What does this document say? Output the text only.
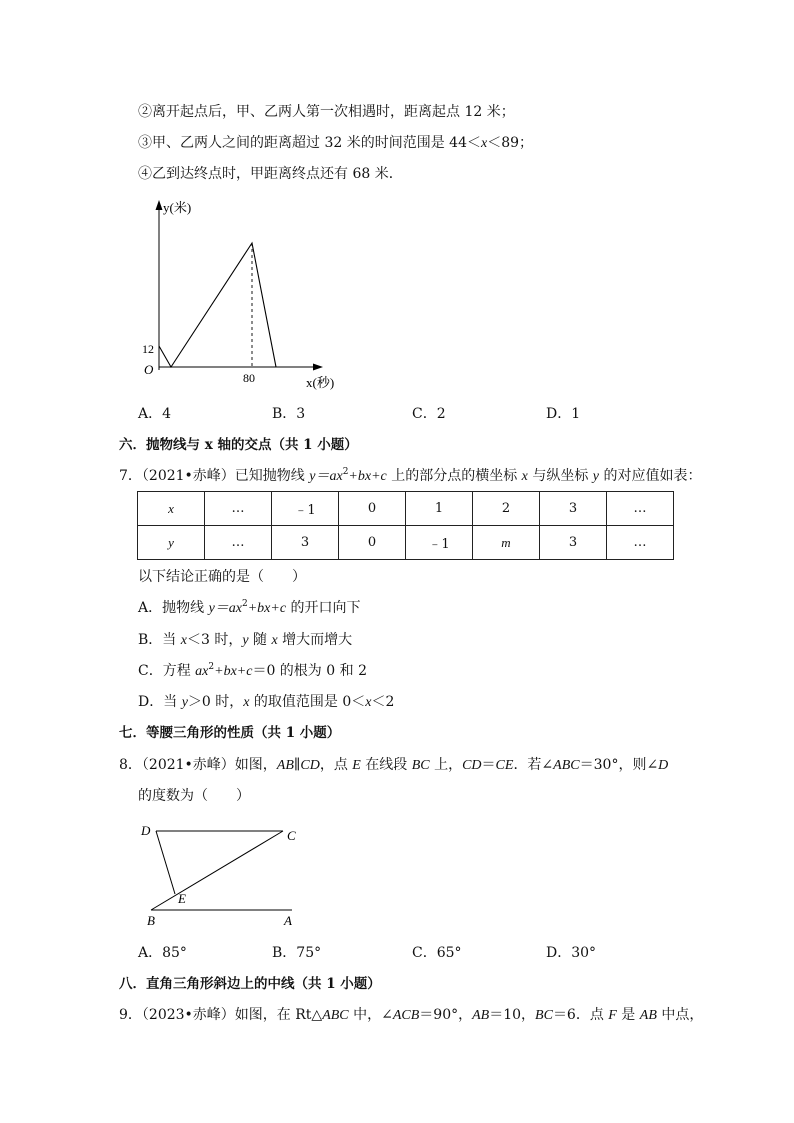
②离开起点后，甲、乙两人第一次相遇时，距离起点 12 米；
③甲、乙两人之间的距离超过 32 米的时间范围是 44＜x＜89；
④乙到达终点时，甲距离终点还有 68 米．
y(米)
x(秒)
O
12
80
A．4	B．3	C．2	D．1
六．抛物线与 x 轴的交点（共 1 小题）
7．（2021•赤峰）已知抛物线 $y=ax^2+bx+c$ 上的部分点的横坐标 x 与纵坐标 y 的对应值如表：
x	…	﹣1	0	1	2	3	…
y	…	3	0	﹣1	m	3	…
以下结论正确的是（　　）
A．抛物线 $y=ax^2+bx+c$ 的开口向下
B．当 x＜3 时，y 随 x 增大而增大
C．方程 $ax^2+bx+c=0$ 的根为 0 和 2
D．当 y＞0 时，x 的取值范围是 0＜x＜2
七．等腰三角形的性质（共 1 小题）
8．（2021•赤峰）如图，AB∥CD，点 E 在线段 BC 上，CD＝CE．若∠ABC＝30°，则∠D
的度数为（　　）
D	C
E
B	A
A．85°	B．75°	C．65°	D．30°
八．直角三角形斜边上的中线（共 1 小题）
9．（2023•赤峰）如图，在 Rt△ABC 中，∠ACB＝90°，AB＝10，BC＝6．点 F 是 AB 中点，
